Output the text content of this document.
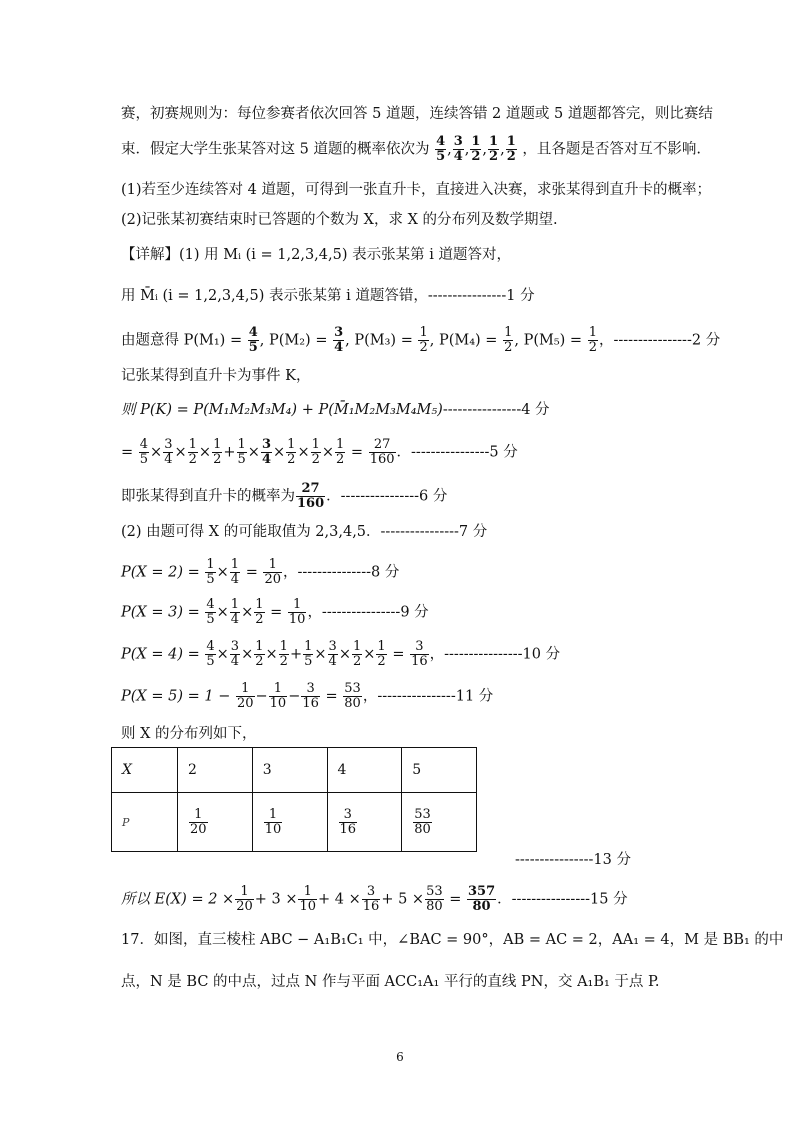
赛，初赛规则为：每位参赛者依次回答 5 道题，连续答错 2 道题或 5 道题都答完，则比赛结
束．假定大学生张某答对这 5 道题的概率依次为 $\frac{4}{5}$ , $\frac{3}{4}$ , $\frac{1}{2}$ , $\frac{1}{2}$ , $\frac{1}{2}$ ，且各题是否答对互不影响.
(1)若至少连续答对 4 道题，可得到一张直升卡，直接进入决赛，求张某得到直升卡的概率；
(2)记张某初赛结束时已答题的个数为 X，求 X 的分布列及数学期望.
【详解】(1) 用 Mᵢ (i = 1,2,3,4,5) 表示张某第 i 道题答对，
用 M̄ᵢ (i = 1,2,3,4,5) 表示张某第 i 道题答错，----------------1 分
由题意得 $P(M_1) = \frac{4}{5}$ , $P(M_2) = \frac{3}{4}$ , $P(M_3) = \frac{1}{2}$ , $P(M_4) = \frac{1}{2}$ , $P(M_5) = \frac{1}{2}$ ，----------------2 分
记张某得到直升卡为事件 K，
则 P(K) = P(M₁M₂M₃M₄) + P(M̄₁M₂M₃M₄M₅)----------------4 分
= $\frac{4}{5} \times \frac{3}{4} \times \frac{1}{2} \times \frac{1}{2} + \frac{1}{5} \times \frac{3}{4} \times \frac{1}{2} \times \frac{1}{2} \times \frac{1}{2} = \frac{27}{160}$ ．----------------5 分
即张某得到直升卡的概率为 $\frac{27}{160}$ ．----------------6 分
(2) 由题可得 X 的可能取值为 2,3,4,5．----------------7 分
$P(X = 2) = \frac{1}{5} \times \frac{1}{4} = \frac{1}{20}$ ，---------------8 分
$P(X = 3) = \frac{4}{5} \times \frac{1}{4} \times \frac{1}{2} = \frac{1}{10}$ ，----------------9 分
$P(X = 4) = \frac{4}{5} \times \frac{3}{4} \times \frac{1}{2} \times \frac{1}{2} + \frac{1}{5} \times \frac{3}{4} \times \frac{1}{2} \times \frac{1}{2} = \frac{3}{16}$ ，----------------10 分
$P(X = 5) = 1 - \frac{1}{20} - \frac{1}{10} - \frac{3}{16} = \frac{53}{80}$ ，----------------11 分
则 X 的分布列如下，
X	2	3	4	5
P	$\frac{1}{20}$	$\frac{1}{10}$	$\frac{3}{16}$	$\frac{53}{80}$
----------------13 分
所以 $E(X) = 2 \times \frac{1}{20} + 3 \times \frac{1}{10} + 4 \times \frac{3}{16} + 5 \times \frac{53}{80} = \frac{357}{80}$ ．----------------15 分
17．如图，直三棱柱 ABC − A₁B₁C₁ 中，∠BAC = 90°，AB = AC = 2，AA₁ = 4，M 是 BB₁ 的中
点，N 是 BC 的中点，过点 N 作与平面 ACC₁A₁ 平行的直线 PN，交 A₁B₁ 于点 P.
6
